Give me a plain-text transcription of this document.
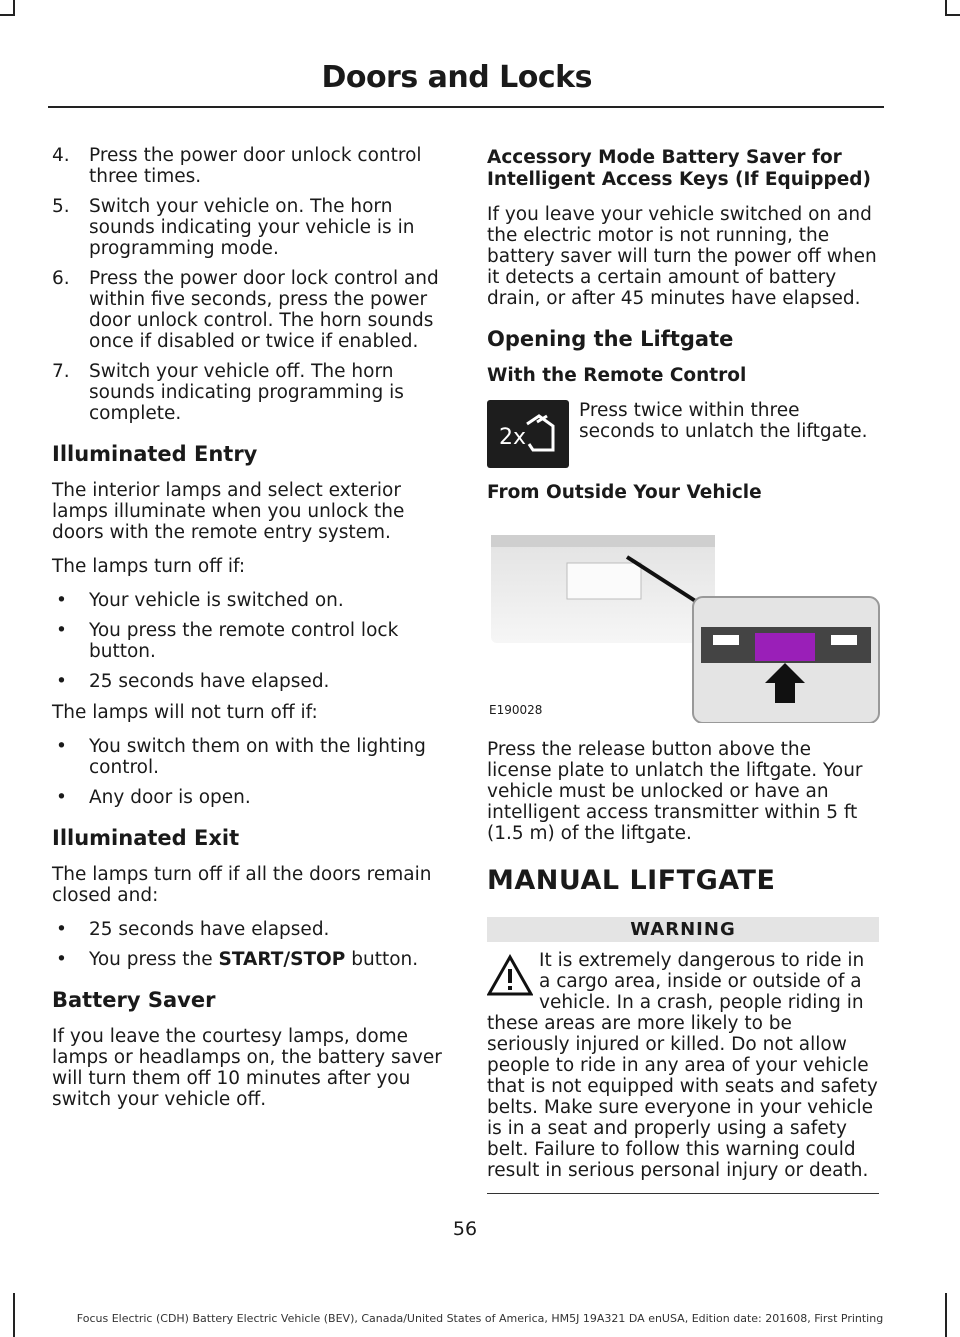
Doors and Locks
4. Press the power door unlock control three times.
5. Switch your vehicle on. The horn sounds indicating your vehicle is in programming mode.
6. Press the power door lock control and within five seconds, press the power door unlock control. The horn sounds once if disabled or twice if enabled.
7. Switch your vehicle off. The horn sounds indicating programming is complete.
Illuminated Entry

The interior lamps and select exterior lamps illuminate when you unlock the doors with the remote entry system.

The lamps turn off if:

• Your vehicle is switched on.
• You press the remote control lock button.
• 25 seconds have elapsed.

The lamps will not turn off if:

• You switch them on with the lighting control.
• Any door is open.
Illuminated Exit

The lamps turn off if all the doors remain closed and:

• 25 seconds have elapsed.
• You press the START/STOP button.
Battery Saver

If you leave the courtesy lamps, dome lamps or headlamps on, the battery saver will turn them off 10 minutes after you switch your vehicle off.

Accessory Mode Battery Saver for Intelligent Access Keys (If Equipped)

If you leave your vehicle switched on and the electric motor is not running, the battery saver will turn the power off when it detects a certain amount of battery drain, or after 45 minutes have elapsed.

Opening the Liftgate
With the Remote Control
2x

Press twice within three seconds to unlatch the liftgate.

From Outside Your Vehicle
E190028

Press the release button above the license plate to unlatch the liftgate. Your vehicle must be unlocked or have an intelligent access transmitter within 5 ft (1.5 m) of the liftgate.

MANUAL LIFTGATE
WARNING

It is extremely dangerous to ride in a cargo area, inside or outside of a vehicle. In a crash, people riding in these areas are more likely to be seriously injured or killed. Do not allow people to ride in any area of your vehicle that is not equipped with seats and safety belts. Make sure everyone in your vehicle is in a seat and properly using a safety belt. Failure to follow this warning could result in serious personal injury or death.

56
Focus Electric (CDH) Battery Electric Vehicle (BEV), Canada/United States of America, HM5J 19A321 DA enUSA, Edition date: 201608, First Printing
